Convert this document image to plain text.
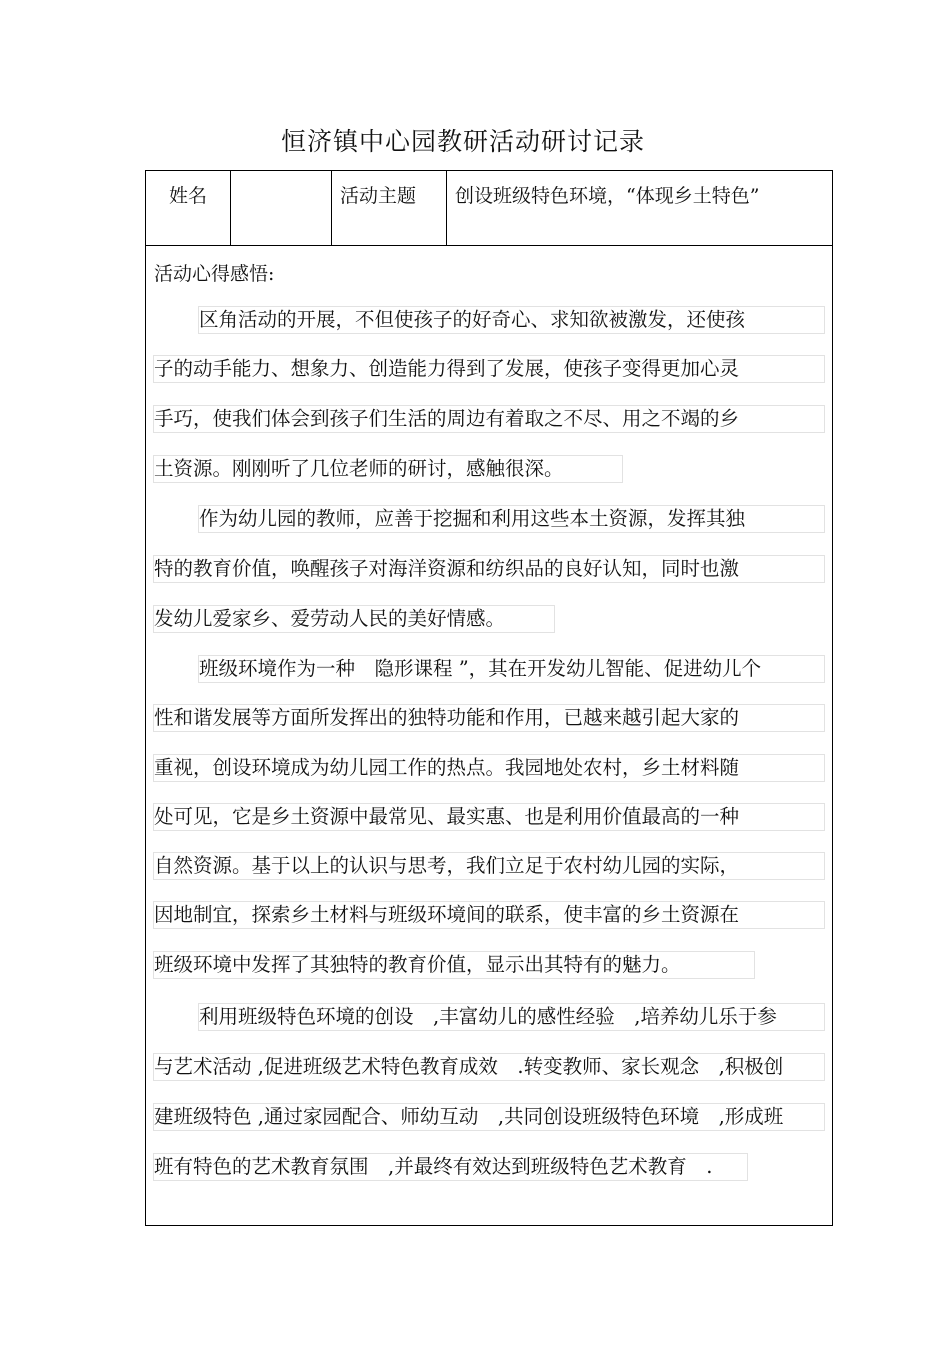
恒济镇中心园教研活动研讨记录
姓名	活动主题	创设班级特色环境，“体现乡土特色”
活动心得感悟:
区角活动的开展，不但使孩子的好奇心、求知欲被激发，还使孩
子的动手能力、想象力、创造能力得到了发展，使孩子变得更加心灵
手巧，使我们体会到孩子们生活的周边有着取之不尽、用之不竭的乡
土资源。刚刚听了几位老师的研讨，感触很深。
作为幼儿园的教师，应善于挖掘和利用这些本土资源，发挥其独
特的教育价值，唤醒孩子对海洋资源和纺织品的良好认知，同时也激
发幼儿爱家乡、爱劳动人民的美好情感。
班级环境作为一种　隐形课程 ”，其在开发幼儿智能、促进幼儿个
性和谐发展等方面所发挥出的独特功能和作用，已越来越引起大家的
重视，创设环境成为幼儿园工作的热点。我园地处农村，乡土材料随
处可见，它是乡土资源中最常见、最实惠、也是利用价值最高的一种
自然资源。基于以上的认识与思考，我们立足于农村幼儿园的实际，
因地制宜，探索乡土材料与班级环境间的联系，使丰富的乡土资源在
班级环境中发挥了其独特的教育价值，显示出其特有的魅力。
利用班级特色环境的创设　,丰富幼儿的感性经验　,培养幼儿乐于参
与艺术活动 ,促进班级艺术特色教育成效　.转变教师、家长观念　,积极创
建班级特色 ,通过家园配合、师幼互动　,共同创设班级特色环境　,形成班
班有特色的艺术教育氛围　,并最终有效达到班级特色艺术教育　.
